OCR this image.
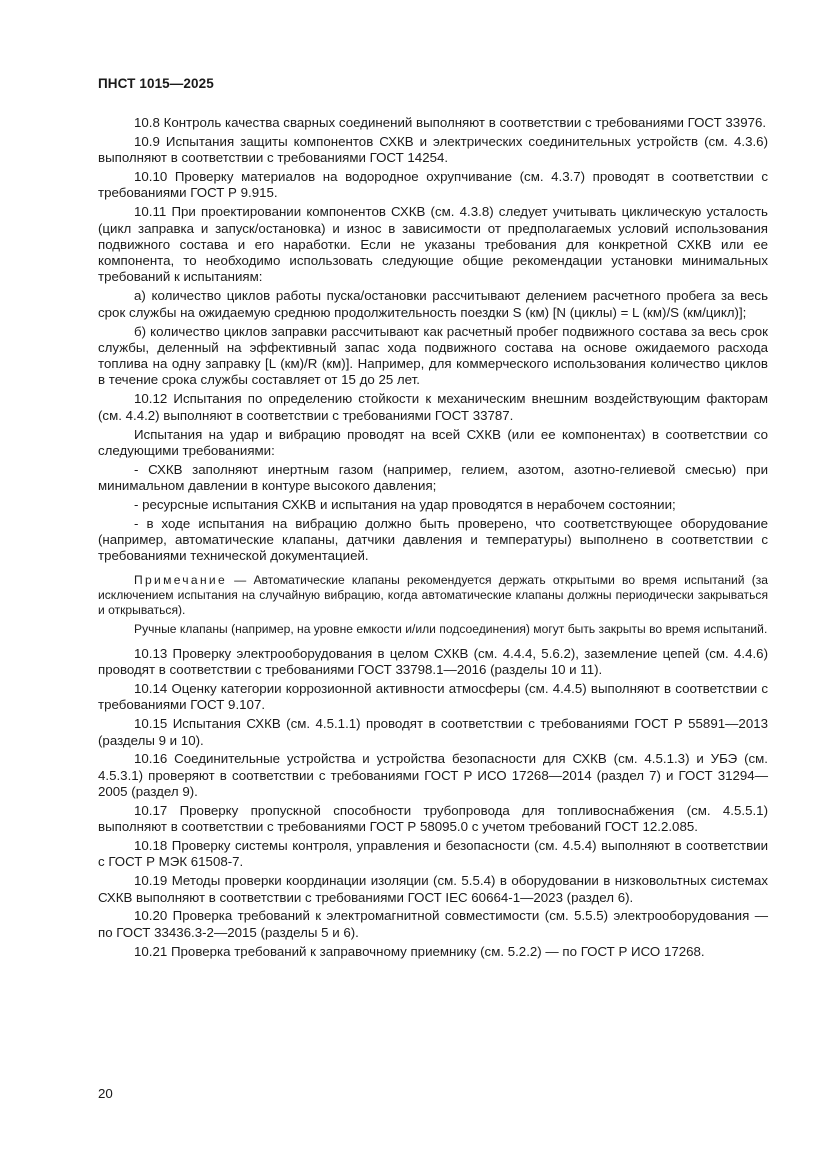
ПНСТ 1015—2025

10.8 Контроль качества сварных соединений выполняют в соответствии с требованиями ГОСТ 33976.

10.9 Испытания защиты компонентов СХКВ и электрических соединительных устройств (см. 4.3.6) выполняют в соответствии с требованиями ГОСТ 14254.

10.10 Проверку материалов на водородное охрупчивание (см. 4.3.7) проводят в соответствии с требованиями ГОСТ Р 9.915.

10.11 При проектировании компонентов СХКВ (см. 4.3.8) следует учитывать циклическую усталость (цикл заправка и запуск/остановка) и износ в зависимости от предполагаемых условий использования подвижного состава и его наработки. Если не указаны требования для конкретной СХКВ или ее компонента, то необходимо использовать следующие общие рекомендации установки минимальных требований к испытаниям:

а) количество циклов работы пуска/остановки рассчитывают делением расчетного пробега за весь срок службы на ожидаемую среднюю продолжительность поездки S (км) [N (циклы) = L (км)/S (км/цикл)];

б) количество циклов заправки рассчитывают как расчетный пробег подвижного состава за весь срок службы, деленный на эффективный запас хода подвижного состава на основе ожидаемого расхода топлива на одну заправку [L (км)/R (км)]. Например, для коммерческого использования количество циклов в течение срока службы составляет от 15 до 25 лет.

10.12 Испытания по определению стойкости к механическим внешним воздействующим факторам (см. 4.4.2) выполняют в соответствии с требованиями ГОСТ 33787.

Испытания на удар и вибрацию проводят на всей СХКВ (или ее компонентах) в соответствии со следующими требованиями:

- СХКВ заполняют инертным газом (например, гелием, азотом, азотно-гелиевой смесью) при минимальном давлении в контуре высокого давления;

- ресурсные испытания СХКВ и испытания на удар проводятся в нерабочем состоянии;

- в ходе испытания на вибрацию должно быть проверено, что соответствующее оборудование (например, автоматические клапаны, датчики давления и температуры) выполнено в соответствии с требованиями технической документацией.

Примечание — Автоматические клапаны рекомендуется держать открытыми во время испытаний (за исключением испытания на случайную вибрацию, когда автоматические клапаны должны периодически закрываться и открываться).

Ручные клапаны (например, на уровне емкости и/или подсоединения) могут быть закрыты во время испытаний.

10.13 Проверку электрооборудования в целом СХКВ (см. 4.4.4, 5.6.2), заземление цепей (см. 4.4.6) проводят в соответствии с требованиями ГОСТ 33798.1—2016 (разделы 10 и 11).

10.14 Оценку категории коррозионной активности атмосферы (см. 4.4.5) выполняют в соответствии с требованиями ГОСТ 9.107.

10.15 Испытания СХКВ (см. 4.5.1.1) проводят в соответствии с требованиями ГОСТ Р 55891—2013 (разделы 9 и 10).

10.16 Соединительные устройства и устройства безопасности для СХКВ (см. 4.5.1.3) и УБЭ (см. 4.5.3.1) проверяют в соответствии с требованиями ГОСТ Р ИСО 17268—2014 (раздел 7) и ГОСТ 31294—2005 (раздел 9).

10.17 Проверку пропускной способности трубопровода для топливоснабжения (см. 4.5.5.1) выполняют в соответствии с требованиями ГОСТ Р 58095.0 с учетом требований ГОСТ 12.2.085.

10.18 Проверку системы контроля, управления и безопасности (см. 4.5.4) выполняют в соответствии с ГОСТ Р МЭК 61508-7.

10.19 Методы проверки координации изоляции (см. 5.5.4) в оборудовании в низковольтных системах СХКВ выполняют в соответствии с требованиями ГОСТ IEC 60664-1—2023 (раздел 6).

10.20 Проверка требований к электромагнитной совместимости (см. 5.5.5) электрооборудования — по ГОСТ 33436.3-2—2015 (разделы 5 и 6).

10.21 Проверка требований к заправочному приемнику (см. 5.2.2) — по ГОСТ Р ИСО 17268.

20
